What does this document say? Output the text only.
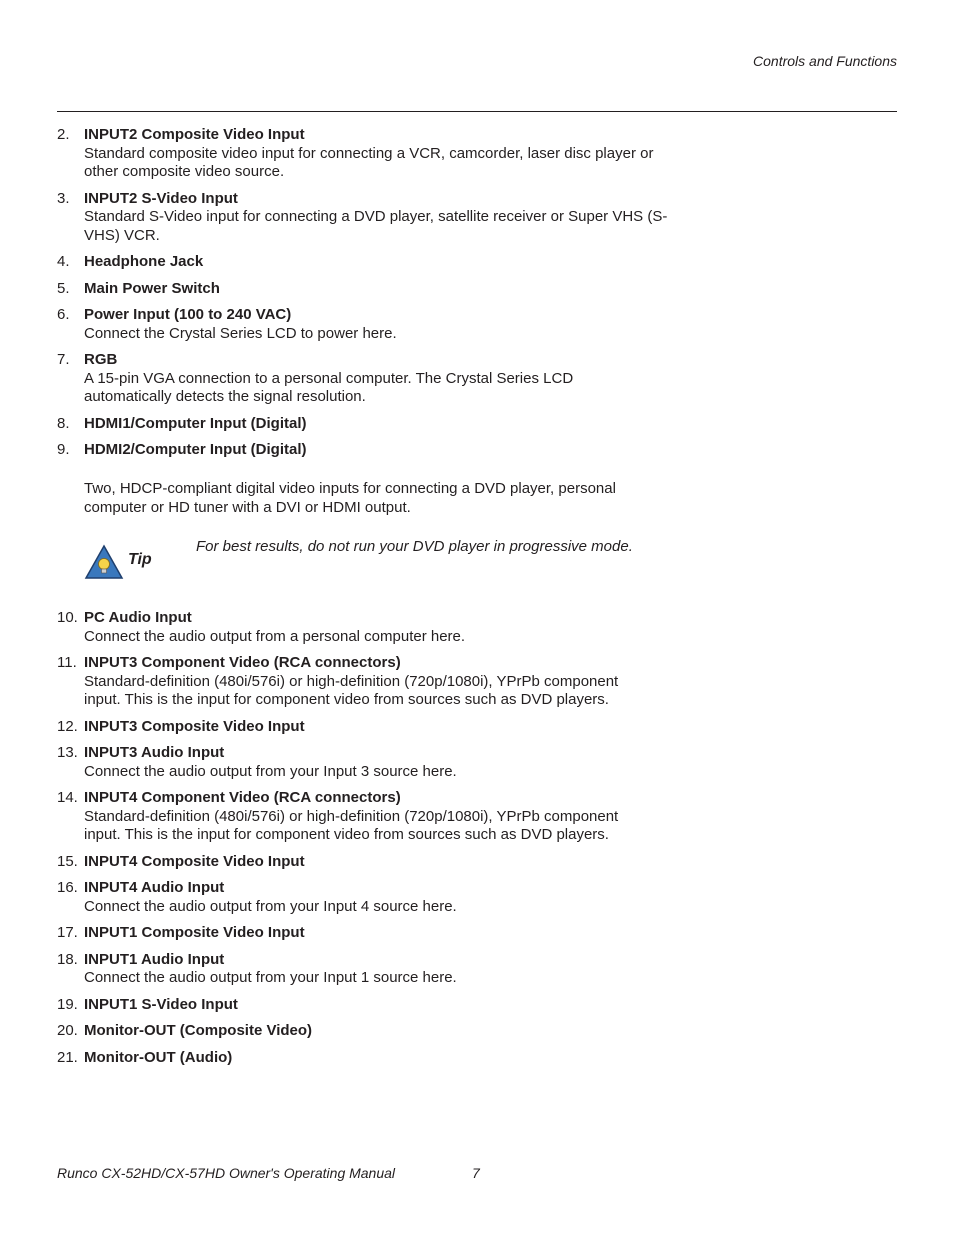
Controls and Functions
2. INPUT2 Composite Video Input
Standard composite video input for connecting a VCR, camcorder, laser disc player or other composite video source.
3. INPUT2 S-Video Input
Standard S-Video input for connecting a DVD player, satellite receiver or Super VHS (S-VHS) VCR.
4. Headphone Jack
5. Main Power Switch
6. Power Input (100 to 240 VAC)
Connect the Crystal Series LCD to power here.
7. RGB
A 15-pin VGA connection to a personal computer. The Crystal Series LCD automatically detects the signal resolution.
8. HDMI1/Computer Input (Digital)
9. HDMI2/Computer Input (Digital)
Two, HDCP-compliant digital video inputs for connecting a DVD player, personal computer or HD tuner with a DVI or HDMI output.
Tip
For best results, do not run your DVD player in progressive mode.
10. PC Audio Input
Connect the audio output from a personal computer here.
11. INPUT3 Component Video (RCA connectors)
Standard-definition (480i/576i) or high-definition (720p/1080i), YPrPb component input. This is the input for component video from sources such as DVD players.
12. INPUT3 Composite Video Input
13. INPUT3 Audio Input
Connect the audio output from your Input 3 source here.
14. INPUT4 Component Video (RCA connectors)
Standard-definition (480i/576i) or high-definition (720p/1080i), YPrPb component input. This is the input for component video from sources such as DVD players.
15. INPUT4 Composite Video Input
16. INPUT4 Audio Input
Connect the audio output from your Input 4 source here.
17. INPUT1 Composite Video Input
18. INPUT1 Audio Input
Connect the audio output from your Input 1 source here.
19. INPUT1 S-Video Input
20. Monitor-OUT (Composite Video)
21. Monitor-OUT (Audio)
Runco CX-52HD/CX-57HD Owner's Operating Manual	7
